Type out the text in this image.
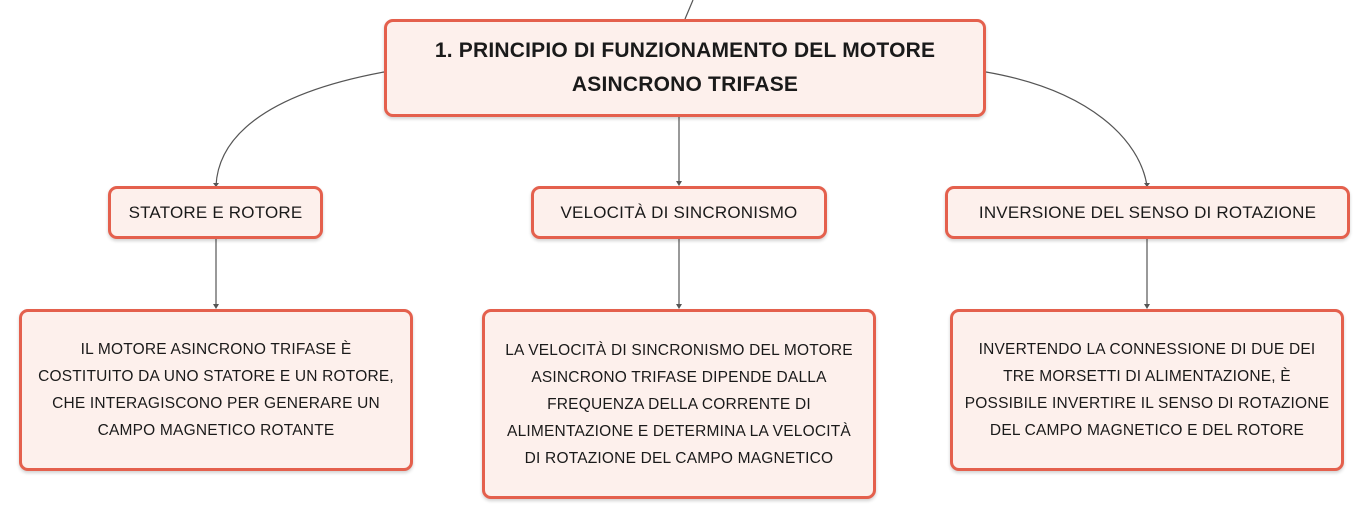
1. PRINCIPIO DI FUNZIONAMENTO DEL MOTORE
ASINCRONO TRIFASE
STATORE E ROTORE	VELOCITÀ DI SINCRONISMO	INVERSIONE DEL SENSO DI ROTAZIONE
IL MOTORE ASINCRONO TRIFASE È
COSTITUITO DA UNO STATORE E UN ROTORE,
CHE INTERAGISCONO PER GENERARE UN
CAMPO MAGNETICO ROTANTE
LA VELOCITÀ DI SINCRONISMO DEL MOTORE
ASINCRONO TRIFASE DIPENDE DALLA
FREQUENZA DELLA CORRENTE DI
ALIMENTAZIONE E DETERMINA LA VELOCITÀ
DI ROTAZIONE DEL CAMPO MAGNETICO
INVERTENDO LA CONNESSIONE DI DUE DEI
TRE MORSETTI DI ALIMENTAZIONE, È
POSSIBILE INVERTIRE IL SENSO DI ROTAZIONE
DEL CAMPO MAGNETICO E DEL ROTORE
